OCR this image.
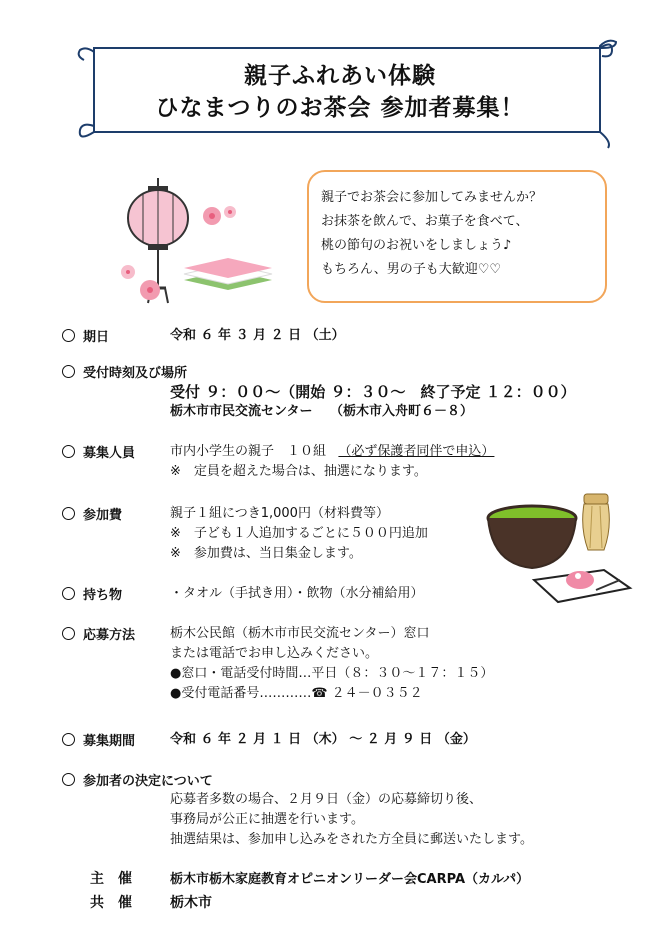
親子ふれあい体験
ひなまつりのお茶会 参加者募集！
親子でお茶会に参加してみませんか？
お抹茶を飲んで、お菓子を食べて、
桃の節句のお祝いをしましょう♪
もちろん、男の子も大歓迎♡♡
期日	令和 ６ 年 ３ 月 ２ 日 （土）
受付時刻及び場所
受付 ９：００～（開始 ９：３０～　終了予定 １２：００）
栃木市市民交流センター　 （栃木市入舟町６－８）
募集人員	市内小学生の親子　１０組 （必ず保護者同伴で申込）
※　定員を超えた場合は、抽選になります。
参加費	親子１組につき1,000円（材料費等）
※　子ども１人追加するごとに５００円追加
※　参加費は、当日集金します。
持ち物	・タオル（手拭き用）・飲物（水分補給用）
応募方法	栃木公民館（栃木市市民交流センター）窓口
または電話でお申し込みください。
●窓口・電話受付時間…平日（８：３０～１７：１５）
●受付電話番号…………☎ ２４－０３５２
募集期間	令和 ６ 年 ２ 月 １ 日 （木） ～ ２ 月 ９ 日 （金）
参加者の決定について
応募者多数の場合、２月９日（金）の応募締切り後、
事務局が公正に抽選を行います。
抽選結果は、参加申し込みをされた方全員に郵送いたします。
主　催	栃木市栃木家庭教育オピニオンリーダー会CARPA（カルパ）
共　催	栃木市
